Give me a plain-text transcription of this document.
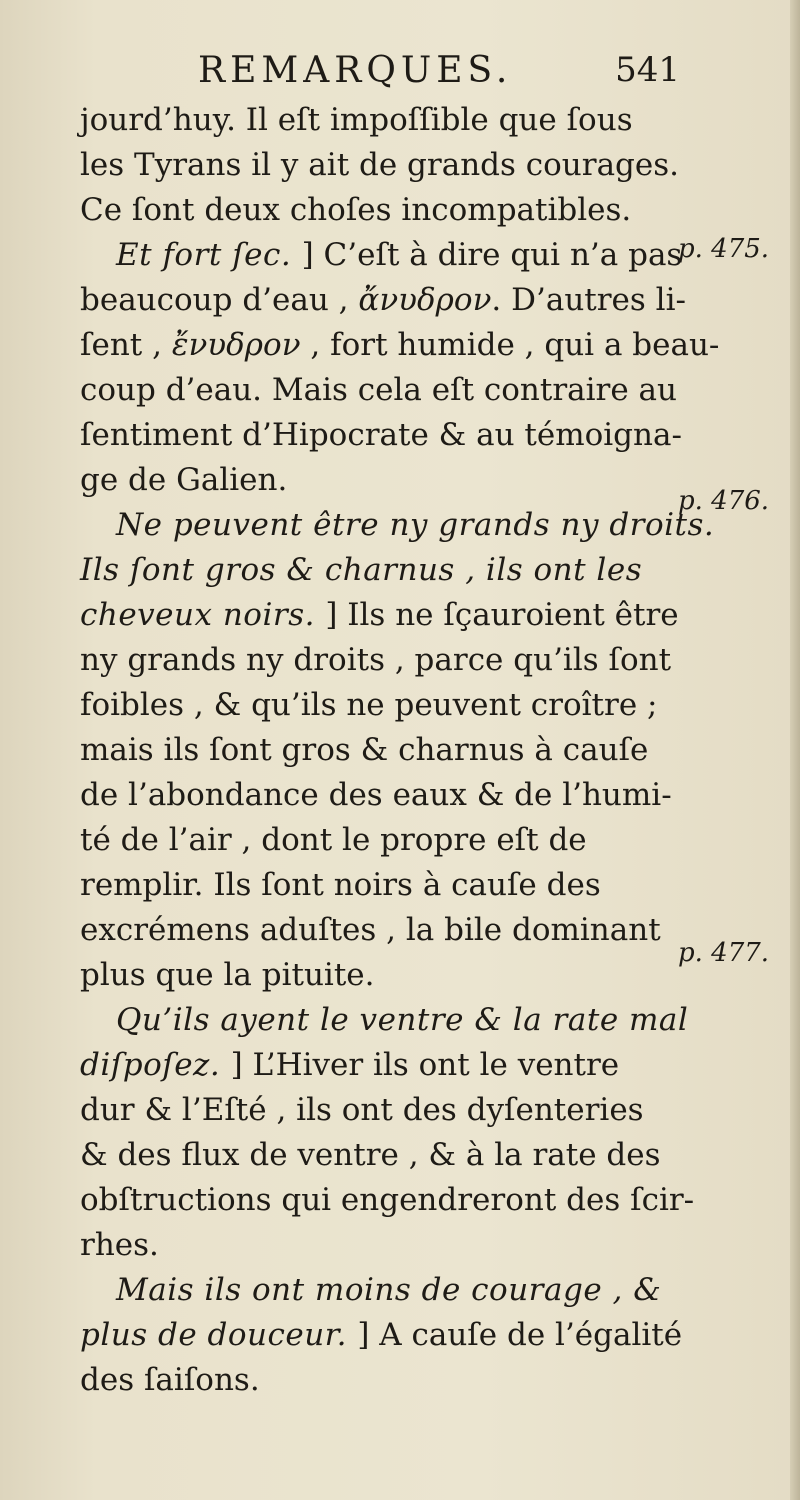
REMARQUES.	541
jourd’huy. Il eſt impoſſible que ſous
les Tyrans il y ait de grands courages.
Ce ſont deux choſes incompatibles.
Et fort ſec. ] C’eſt à dire qui n’a pas
beaucoup d’eau , ἄνυδρον. D’autres li-
ſent , ἔνυδρον , fort humide , qui a beau-
coup d’eau. Mais cela eſt contraire au
ſentiment d’Hipocrate & au témoigna-
ge de Galien.
Ne peuvent être ny grands ny droits.
Ils ſont gros & charnus , ils ont les
cheveux noirs. ] Ils ne ſçauroient être
ny grands ny droits , parce qu’ils ſont
foibles , & qu’ils ne peuvent croître ;
mais ils ſont gros & charnus à cauſe
de l’abondance des eaux & de l’humi-
té de l’air , dont le propre eſt de
remplir. Ils ſont noirs à cauſe des
excrémens aduſtes , la bile dominant
plus que la pituite.
Qu’ils ayent le ventre & la rate mal
diſpoſez. ] L’Hiver ils ont le ventre
dur & l’Eſté , ils ont des dyſenteries
& des flux de ventre , & à la rate des
obſtructions qui engendreront des ſcir-
rhes.
Mais ils ont moins de courage , &
plus de douceur. ] A cauſe de l’égalité
des ſaiſons.
p. 475.
p. 476.
p. 477.
